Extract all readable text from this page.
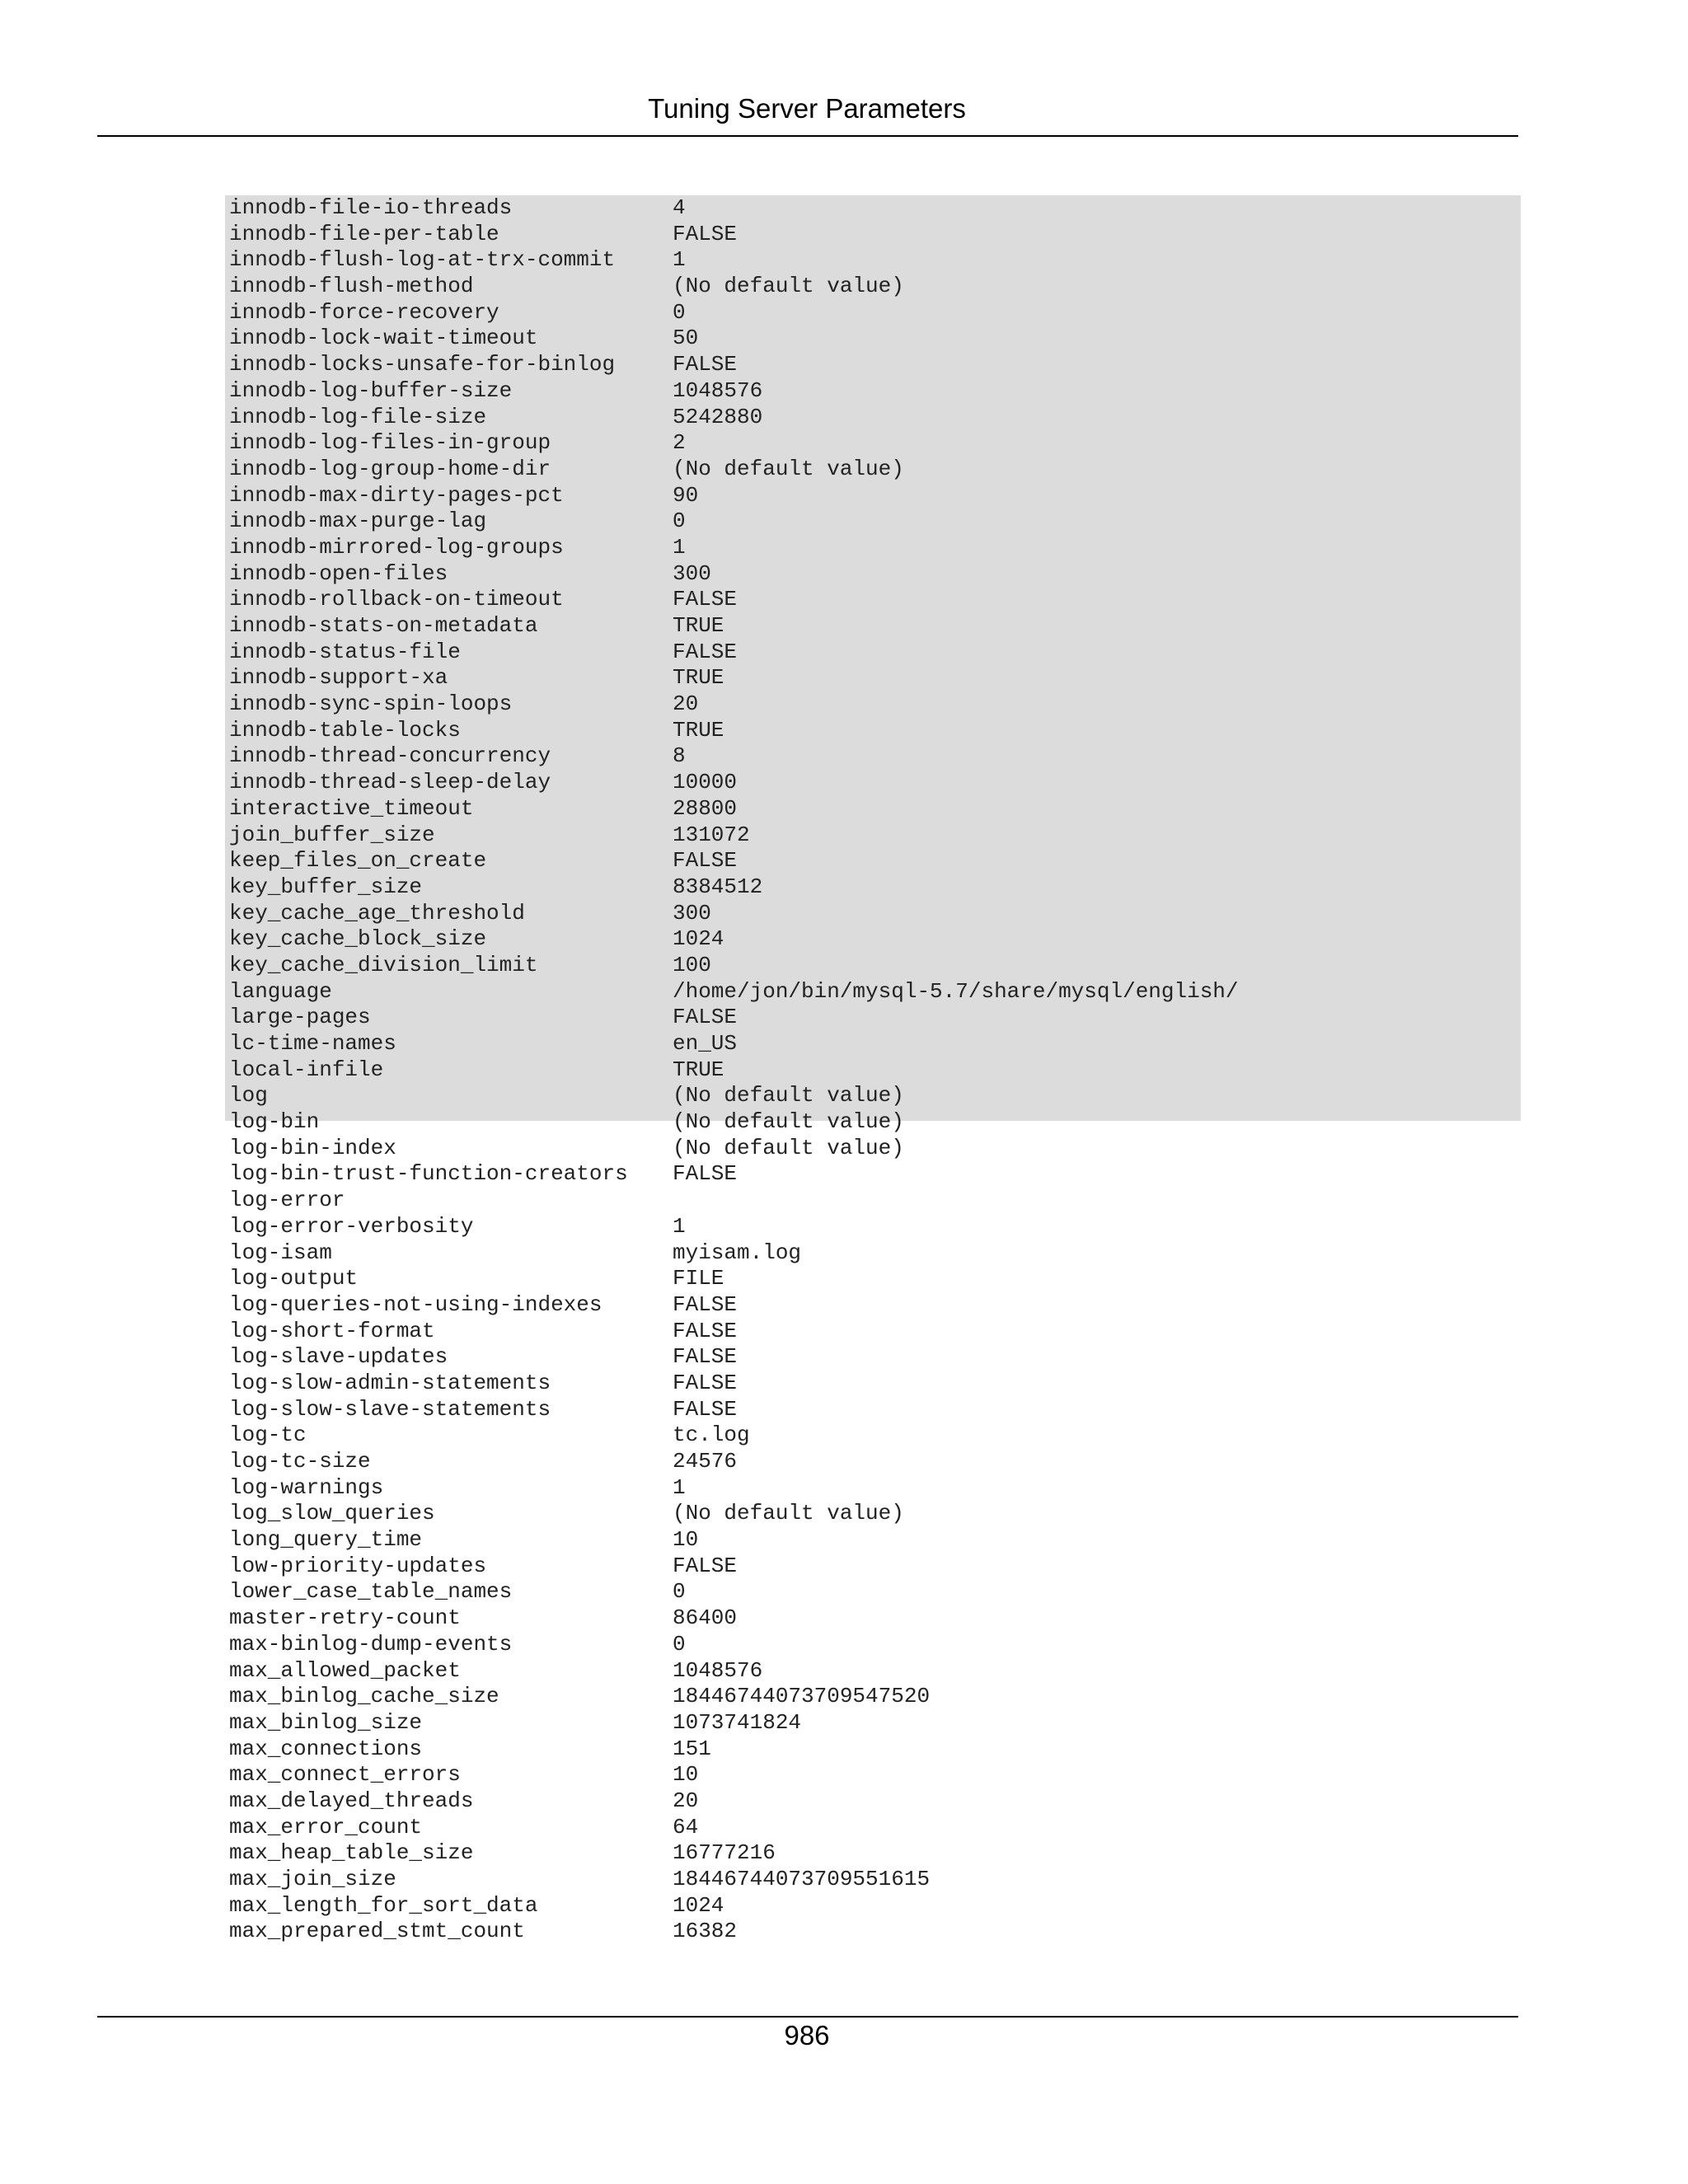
Tuning Server Parameters
innodb-file-io-threads	4
innodb-file-per-table	FALSE
innodb-flush-log-at-trx-commit	1
innodb-flush-method	(No default value)
innodb-force-recovery	0
innodb-lock-wait-timeout	50
innodb-locks-unsafe-for-binlog	FALSE
innodb-log-buffer-size	1048576
innodb-log-file-size	5242880
innodb-log-files-in-group	2
innodb-log-group-home-dir	(No default value)
innodb-max-dirty-pages-pct	90
innodb-max-purge-lag	0
innodb-mirrored-log-groups	1
innodb-open-files	300
innodb-rollback-on-timeout	FALSE
innodb-stats-on-metadata	TRUE
innodb-status-file	FALSE
innodb-support-xa	TRUE
innodb-sync-spin-loops	20
innodb-table-locks	TRUE
innodb-thread-concurrency	8
innodb-thread-sleep-delay	10000
interactive_timeout	28800
join_buffer_size	131072
keep_files_on_create	FALSE
key_buffer_size	8384512
key_cache_age_threshold	300
key_cache_block_size	1024
key_cache_division_limit	100
language	/home/jon/bin/mysql-5.7/share/mysql/english/
large-pages	FALSE
lc-time-names	en_US
local-infile	TRUE
log	(No default value)
log-bin	(No default value)
log-bin-index	(No default value)
log-bin-trust-function-creators FALSE
log-error
log-error-verbosity	1
log-isam	myisam.log
log-output	FILE
log-queries-not-using-indexes	FALSE
log-short-format	FALSE
log-slave-updates	FALSE
log-slow-admin-statements	FALSE
log-slow-slave-statements	FALSE
log-tc	tc.log
log-tc-size	24576
log-warnings	1
log_slow_queries	(No default value)
long_query_time	10
low-priority-updates	FALSE
lower_case_table_names	0
master-retry-count	86400
max-binlog-dump-events	0
max_allowed_packet	1048576
max_binlog_cache_size	18446744073709547520
max_binlog_size	1073741824
max_connections	151
max_connect_errors	10
max_delayed_threads	20
max_error_count	64
max_heap_table_size	16777216
max_join_size	18446744073709551615
max_length_for_sort_data	1024
max_prepared_stmt_count	16382
986
